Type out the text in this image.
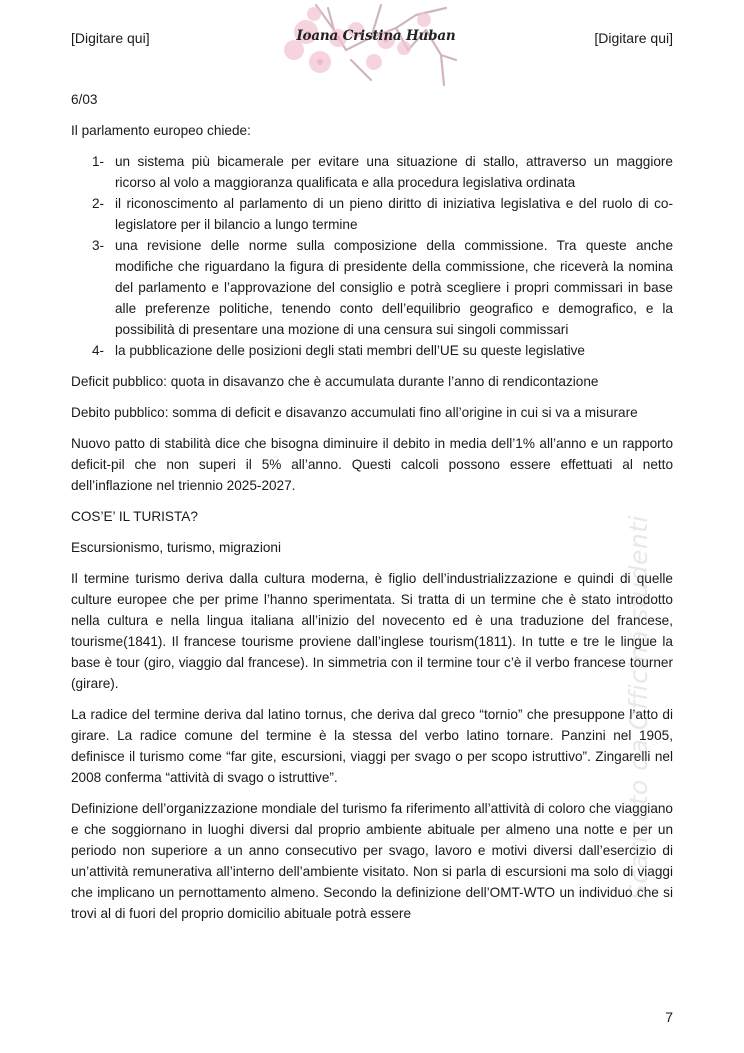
[Digitare qui]	Ioana Cristina Huban	[Digitare qui]

6/03

Il parlamento europeo chiede:

1- un sistema più bicamerale per evitare una situazione di stallo, attraverso un maggiore ricorso al volo a maggioranza qualificata e alla procedura legislativa ordinata
2- il riconoscimento al parlamento di un pieno diritto di iniziativa legislativa e del ruolo di co-legislatore per il bilancio a lungo termine
3- una revisione delle norme sulla composizione della commissione. Tra queste anche modifiche che riguardano la figura di presidente della commissione, che riceverà la nomina del parlamento e l’approvazione del consiglio e potrà scegliere i propri commissari in base alle preferenze politiche, tenendo conto dell’equilibrio geografico e demografico, e la possibilità di presentare una mozione di una censura sui singoli commissari
4- la pubblicazione delle posizioni degli stati membri dell’UE su queste legislative

Deficit pubblico: quota in disavanzo che è accumulata durante l’anno di rendicontazione

Debito pubblico: somma di deficit e disavanzo accumulati fino all’origine in cui si va a misurare

Nuovo patto di stabilità dice che bisogna diminuire il debito in media dell’1% all’anno e un rapporto deficit-pil che non superi il 5% all’anno. Questi calcoli possono essere effettuati al netto dell’inflazione nel triennio 2025-2027.

COS’E’ IL TURISTA?

Escursionismo, turismo, migrazioni

Il termine turismo deriva dalla cultura moderna, è figlio dell’industrializzazione e quindi di quelle culture europee che per prime l’hanno sperimentata. Si tratta di un termine che è stato introdotto nella cultura e nella lingua italiana all’inizio del novecento ed è una traduzione del francese, tourisme(1841). Il francese tourisme proviene dall’inglese tourism(1811). In tutte e tre le lingue la base è tour (giro, viaggio dal francese). In simmetria con il termine tour c’è il verbo francese tourner (girare).

La radice del termine deriva dal latino tornus, che deriva dal greco “tornio” che presuppone l’atto di girare. La radice comune del termine è la stessa del verbo latino tornare. Panzini nel 1905, definisce il turismo come “far gite, escursioni, viaggi per svago o per scopo istruttivo”. Zingarelli nel 2008 conferma “attività di svago o istruttive”.

Definizione dell’organizzazione mondiale del turismo fa riferimento all’attività di coloro che viaggiano e che soggiornano in luoghi diversi dal proprio ambiente abituale per almeno una notte e per un periodo non superiore a un anno consecutivo per svago, lavoro e motivi diversi dall’esercizio di un’attività remunerativa all’interno dell’ambiente visitato. Non si parla di escursioni ma solo di viaggi che implicano un pernottamento almeno. Secondo la definizione dell’OMT-WTO un individuo che si trovi al di fuori del proprio domicilio abituale potrà essere

Scaricato da Officina studenti
7
